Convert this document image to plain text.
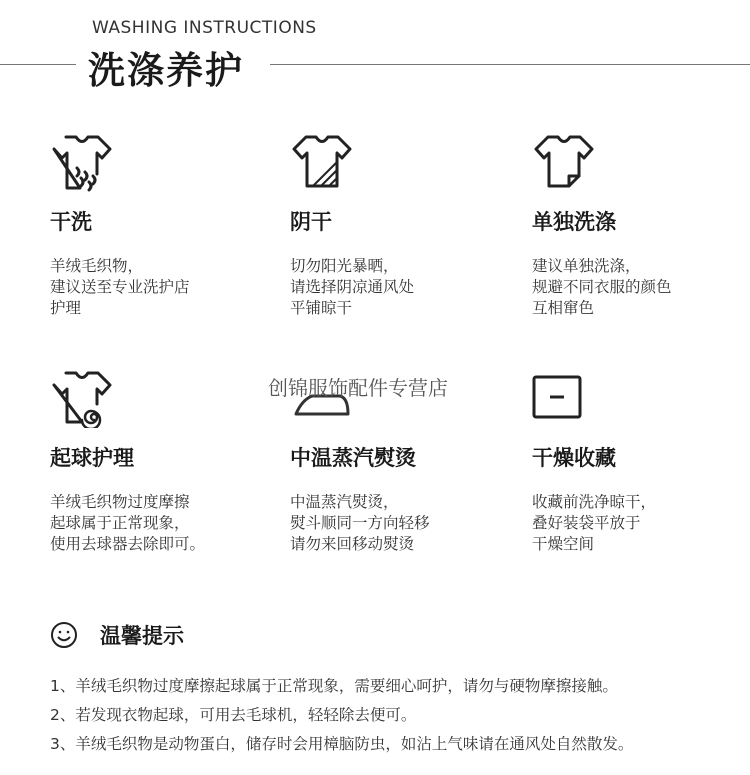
WASHING INSTRUCTIONS
洗涤养护
干洗
羊绒毛织物，
建议送至专业洗护店
护理
阴干
切勿阳光暴晒，
请选择阴凉通风处
平铺晾干
单独洗涤
建议单独洗涤，
规避不同衣服的颜色
互相窜色
起球护理
羊绒毛织物过度摩擦
起球属于正常现象，
使用去球器去除即可。
中温蒸汽熨烫
中温蒸汽熨烫，
熨斗顺同一方向轻移
请勿来回移动熨烫
干燥收藏
收藏前洗净晾干，
叠好装袋平放于
干燥空间
创锦服饰配件专营店
温馨提示
1、羊绒毛织物过度摩擦起球属于正常现象，需要细心呵护，请勿与硬物摩擦接触。
2、若发现衣物起球，可用去毛球机，轻轻除去便可。
3、羊绒毛织物是动物蛋白，储存时会用樟脑防虫，如沾上气味请在通风处自然散发。
